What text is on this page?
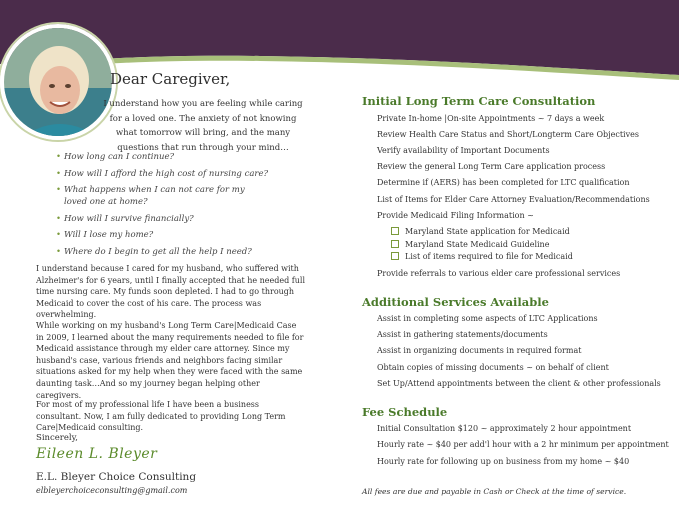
Dear Caregiver,
I understand how you are feeling while caring for a loved one. The anxiety of not knowing what tomorrow will bring, and the many questions that run through your mind…
• How long can I continue?
• How will I afford the high cost of nursing care?
• What happens when I can not care for my loved one at home?
• How will I survive financially?
• Will I lose my home?
• Where do I begin to get all the help I need?

I understand because I cared for my husband, who suffered with Alzheimer's for 6 years, until I finally accepted that he needed full time nursing care. My funds soon depleted. I had to go through Medicaid to cover the cost of his care. The process was overwhelming.

While working on my husband's Long Term Care|Medicaid Case in 2009, I learned about the many requirements needed to file for Medicaid assistance through my elder care attorney. Since my husband's case, various friends and neighbors facing similar situations asked for my help when they were faced with the same daunting task…And so my journey began helping other caregivers.

For most of my professional life I have been a business consultant. Now, I am fully dedicated to providing Long Term Care|Medicaid consulting.

Sincerely,
Eileen L. Bleyer
E.L. Bleyer Choice Consulting
elbleyerchoiceconsulting@gmail.com
Initial Long Term Care Consultation
Private In-home |On-site Appointments ~ 7 days a week
Review Health Care Status and Short/Longterm Care Objectives
Verify availability of Important Documents
Review the general Long Term Care application process
Determine if (AERS) has been completed for LTC qualification
List of Items for Elder Care Attorney Evaluation/Recommendations
Provide Medicaid Filing Information ~
Maryland State application for Medicaid
Maryland State Medicaid Guideline
List of items required to file for Medicaid
Provide referrals to various elder care professional services
Additional Services Available
Assist in completing some aspects of LTC Applications
Assist in gathering statements/documents
Assist in organizing documents in required format
Obtain copies of missing documents ~ on behalf of client
Set Up/Attend appointments between the client & other professionals
Fee Schedule
Initial Consultation $120 ~ approximately 2 hour appointment
Hourly rate ~ $40 per add'l hour with a 2 hr minimum per appointment
Hourly rate for following up on business from my home ~ $40
All fees are due and payable in Cash or Check at the time of service.
